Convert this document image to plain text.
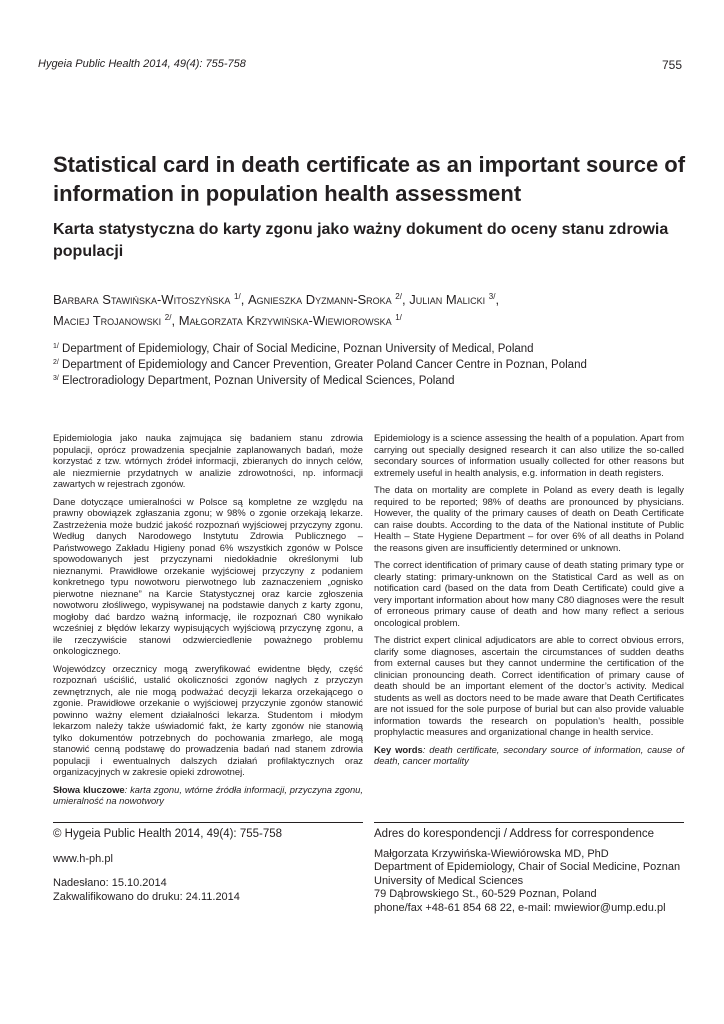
Hygeia Public Health 2014, 49(4): 755-758	755
Statistical card in death certificate as an important source of information in population health assessment
Karta statystyczna do karty zgonu jako ważny dokument do oceny stanu zdrowia populacji
Barbara Stawińska-Witoszyńska $^{1/}$, Agnieszka Dyzmann-Sroka $^{2/}$, Julian Malicki $^{3/}$,
Maciej Trojanowski $^{2/}$, Małgorzata Krzywińska-Wiewiorowska $^{1/}$
$^{1/}$ Department of Epidemiology, Chair of Social Medicine, Poznan University of Medical, Poland
$^{2/}$ Department of Epidemiology and Cancer Prevention, Greater Poland Cancer Centre in Poznan, Poland
$^{3/}$ Electroradiology Department, Poznan University of Medical Sciences, Poland

Epidemiologia jako nauka zajmująca się badaniem stanu zdrowia populacji, oprócz prowadzenia specjalnie zaplanowanych badań, może korzystać z tzw. wtórnych źródeł informacji, zbieranych do innych celów, ale niezmiernie przydatnych w analizie zdrowotności, np. informacji zawartych w rejestrach zgonów.

Dane dotyczące umieralności w Polsce są kompletne ze względu na prawny obowiązek zgłaszania zgonu; w 98% o zgonie orzekają lekarze. Zastrzeżenia może budzić jakość rozpoznań wyjściowej przyczyny zgonu. Według danych Narodowego Instytutu Zdrowia Publicznego – Państwowego Zakładu Higieny ponad 6% wszystkich zgonów w Polsce spowodowanych jest przyczynami niedokładnie określonymi lub nieznanymi. Prawidłowe orzekanie wyjściowej przyczyny z podaniem konkretnego typu nowotworu pierwotnego lub zaznaczeniem „ognisko pierwotne nieznane” na Karcie Statystycznej oraz karcie zgłoszenia nowotworu złośliwego, wypisywanej na podstawie danych z karty zgonu, mogłoby dać bardzo ważną informację, ile rozpoznań C80 wynikało wcześniej z błędów lekarzy wypisujących wyjściową przyczynę zgonu, a ile rzeczywiście stanowi odzwierciedlenie poważnego problemu onkologicznego.

Wojewódzcy orzecznicy mogą zweryfikować ewidentne błędy, część rozpoznań uściślić, ustalić okoliczności zgonów nagłych z przyczyn zewnętrznych, ale nie mogą podważać decyzji lekarza orzekającego o zgonie. Prawidłowe orzekanie o wyjściowej przyczynie zgonów stanowić powinno ważny element działalności lekarza. Studentom i młodym lekarzom należy także uświadomić fakt, że karty zgonów nie stanowią tylko dokumentów potrzebnych do pochowania zmarłego, ale mogą stanowić cenną podstawę do prowadzenia badań nad stanem zdrowia populacji i ewentualnych dalszych działań profilaktycznych oraz organizacyjnych w zakresie opieki zdrowotnej.

Słowa kluczowe: karta zgonu, wtórne źródła informacji, przyczyna zgonu, umieralność na nowotwory

Epidemiology is a science assessing the health of a population. Apart from carrying out specially designed research it can also utilize the so-called secondary sources of information usually collected for other reasons but extremely useful in health analysis, e.g. information in death registers.

The data on mortality are complete in Poland as every death is legally required to be reported; 98% of deaths are pronounced by physicians. However, the quality of the primary causes of death on Death Certificate can raise doubts. According to the data of the National institute of Public Health – State Hygiene Department – for over 6% of all deaths in Poland the reasons given are insufficiently determined or unknown.

The correct identification of primary cause of death stating primary type or clearly stating: primary-unknown on the Statistical Card as well as on notification card (based on the data from Death Certificate) could give a very important information about how many C80 diagnoses were the result of erroneous primary cause of death and how many reflect a serious oncological problem.

The district expert clinical adjudicators are able to correct obvious errors, clarify some diagnoses, ascertain the circumstances of sudden deaths from external causes but they cannot undermine the certification of the clinician pronouncing death. Correct identification of primary cause of death should be an important element of the doctor’s activity. Medical students as well as doctors need to be made aware that Death Certificates are not issued for the sole purpose of burial but can also provide valuable information towards the research on population’s health, possible prophylactic measures and organizational change in health service.

Key words: death certificate, secondary source of information, cause of death, cancer mortality

© Hygeia Public Health 2014, 49(4): 755-758
www.h-ph.pl
Nadesłano: 15.10.2014
Zakwalifikowano do druku: 24.11.2014
Adres do korespondencji / Address for correspondence
Małgorzata Krzywińska-Wiewiórowska MD, PhD
Department of Epidemiology, Chair of Social Medicine, Poznan
University of Medical Sciences
79 Dąbrowskiego St., 60-529 Poznan, Poland
phone/fax +48-61 854 68 22, e-mail: mwiewior@ump.edu.pl
